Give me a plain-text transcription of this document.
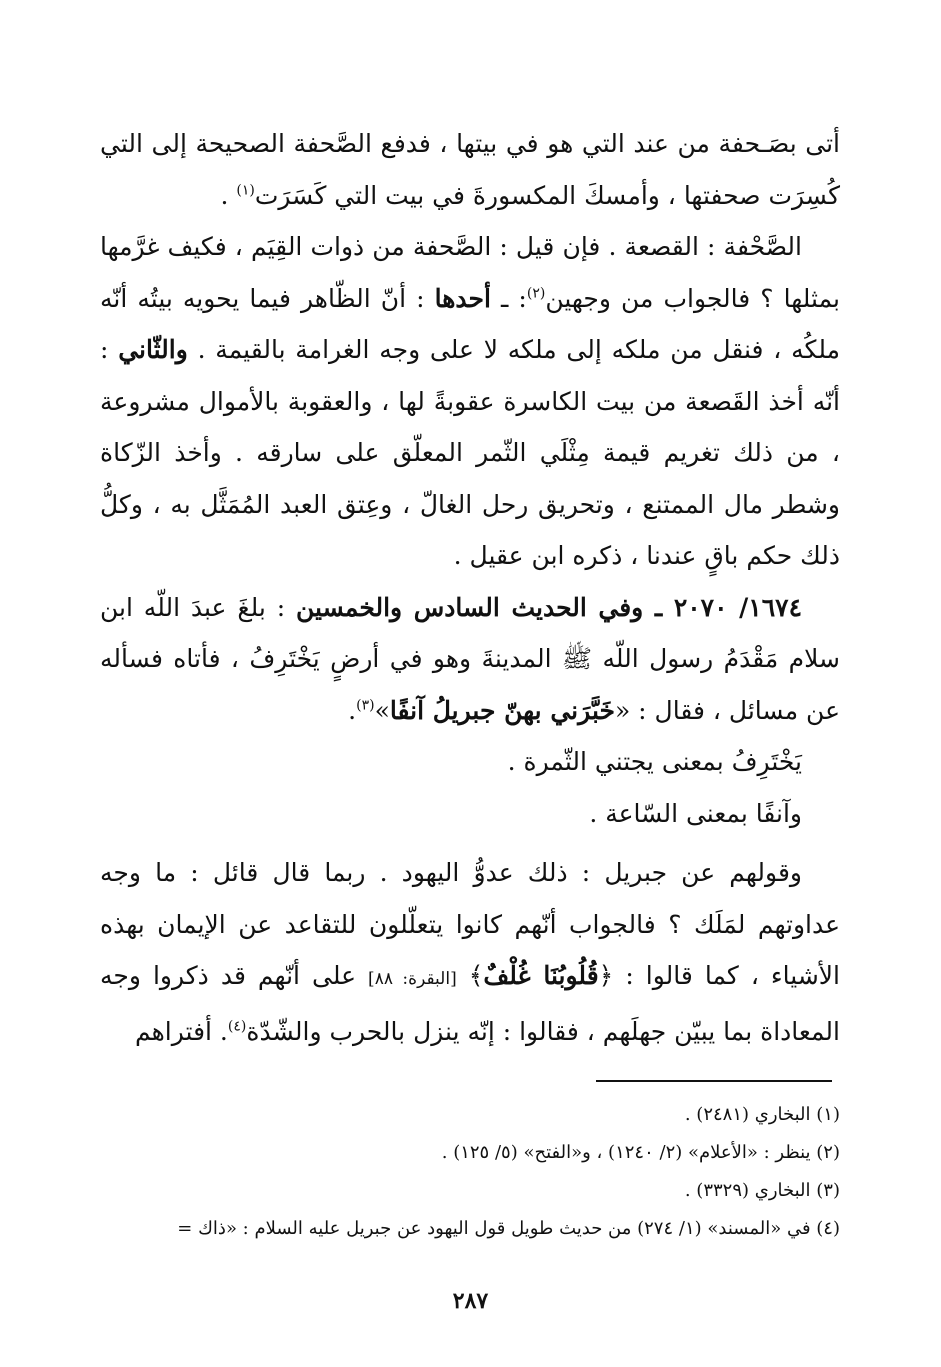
أتى بصَـحفة من عند التي هو في بيتها ، فدفع الصَّحفة الصحيحة إلى التي كُسِرَت صحفتها ، وأمسكَ المكسورةَ في بيت التي كَسَرَت$^{(١)}$ .

الصَّحْفة : القصعة . فإن قيل : الصَّحفة من ذوات القِيَم ، فكيف غرَّمها بمثلها ؟ فالجواب من وجهين$^{(٢)}$: ـ أحدها : أنّ الظّاهر فيما يحويه بيتُه أنّه ملكُه ، فنقل من ملكه إلى ملكه لا على وجه الغرامة بالقيمة . والثّاني : أنّه أخذ القَصعة من بيت الكاسرة عقوبةً لها ، والعقوبة بالأموال مشروعة ، من ذلك تغريم قيمة مِثْلَي الثّمر المعلّق على سارقه . وأخذ الزّكاة وشطر مال الممتنع ، وتحريق رحل الغالّ ، وعِتق العبد المُمَثَّل به ، وكلُّ ذلك حكم باقٍ عندنا ، ذكره ابن عقيل .

١٦٧٤/ ٢٠٧٠ ـ وفي الحديث السادس والخمسين : بلغَ عبدَ اللّه ابن سلام مَقْدَمُ رسول اللّه ﷺ المدينةَ وهو في أرضٍ يَخْتَرِفُ ، فأتاه فسأله عن مسائل ، فقال : «خَبَّرَني بهنّ جبريلُ آنفًا»$^{(٣)}$.

يَخْتَرِفُ بمعنى يجتني الثّمرة .

وآنفًا بمعنى السّاعة .

وقولهم عن جبريل : ذلك عدوُّ اليهود . ربما قال قائل : ما وجه عداوتهم لمَلَك ؟ فالجواب أنّهم كانوا يتعلّلون للتقاعد عن الإيمان بهذه الأشياء ، كما قالوا : ﴿قُلُوبُنَا غُلْفٌ﴾ [البقرة: ٨٨] على أنّهم قد ذكروا وجه المعاداة بما يبيّن جهلَهم ، فقالوا : إنّه ينزل بالحرب والشّدّة$^{(٤)}$. أفتراهم

(١) البخاري (٢٤٨١) .

(٢) ينظر : «الأعلام» (٢/ ١٢٤٠) ، و«الفتح» (٥/ ١٢٥) .

(٣) البخاري (٣٣٢٩) .

(٤) في «المسند» (١/ ٢٧٤) من حديث طويل قول اليهود عن جبريل عليه السلام : «ذاك =

٢٨٧
